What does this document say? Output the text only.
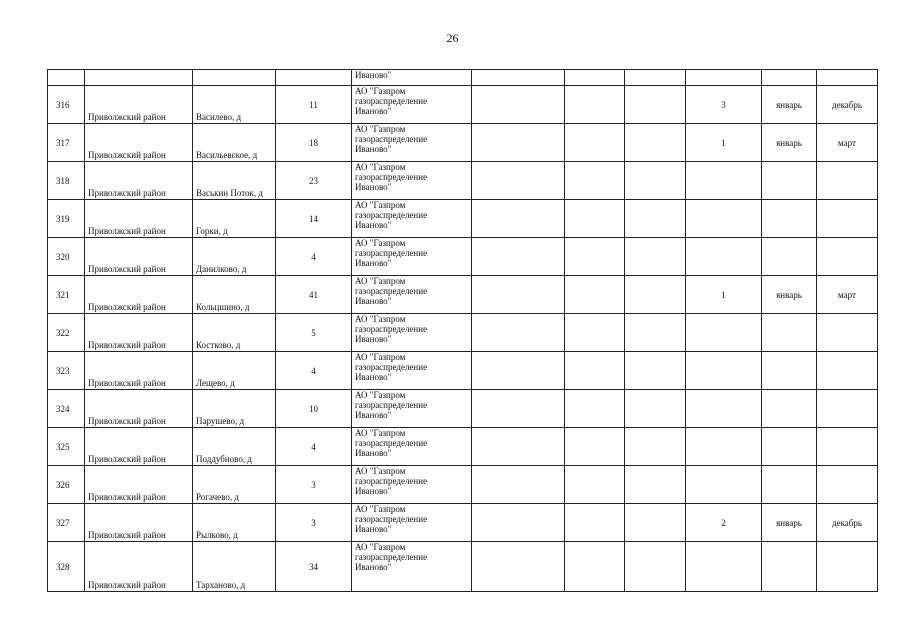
26
				Иваново"						
316	Приволжский район	Василево, д	11	АО "Газпром
газораспределение
Иваново"				3	январь	декабрь
317	Приволжский район	Васильевское, д	18	АО "Газпром
газораспределение
Иваново"				1	январь	март
318	Приволжский район	Васькин Поток, д	23	АО "Газпром
газораспределение
Иваново"						

319	Приволжский район	Горки, д	14	АО "Газпром
газораспределение
Иваново"						

320	Приволжский район	Данилково, д	4	АО "Газпром
газораспределение
Иваново"						

321	Приволжский район	Кольцшино, д	41	АО "Газпром
газораспределение
Иваново"				1	январь	март
322	Приволжский район	Костково, д	5	АО "Газпром
газораспределение
Иваново"						

323	Приволжский район	Лещево, д	4	АО "Газпром
газораспределение
Иваново"						

324	Приволжский район	Парушево, д	10	АО "Газпром
газораспределение
Иваново"						

325	Приволжский район	Поддубново, д	4	АО "Газпром
газораспределение
Иваново"						

326	Приволжский район	Рогачево, д	3	АО "Газпром
газораспределение
Иваново"						

327	Приволжский район	Рылково, д	3	АО "Газпром
газораспределение
Иваново"				2	январь	декабрь
328	Приволжский район	Тарханово, д	34	АО "Газпром
газораспределение
Иваново"						
